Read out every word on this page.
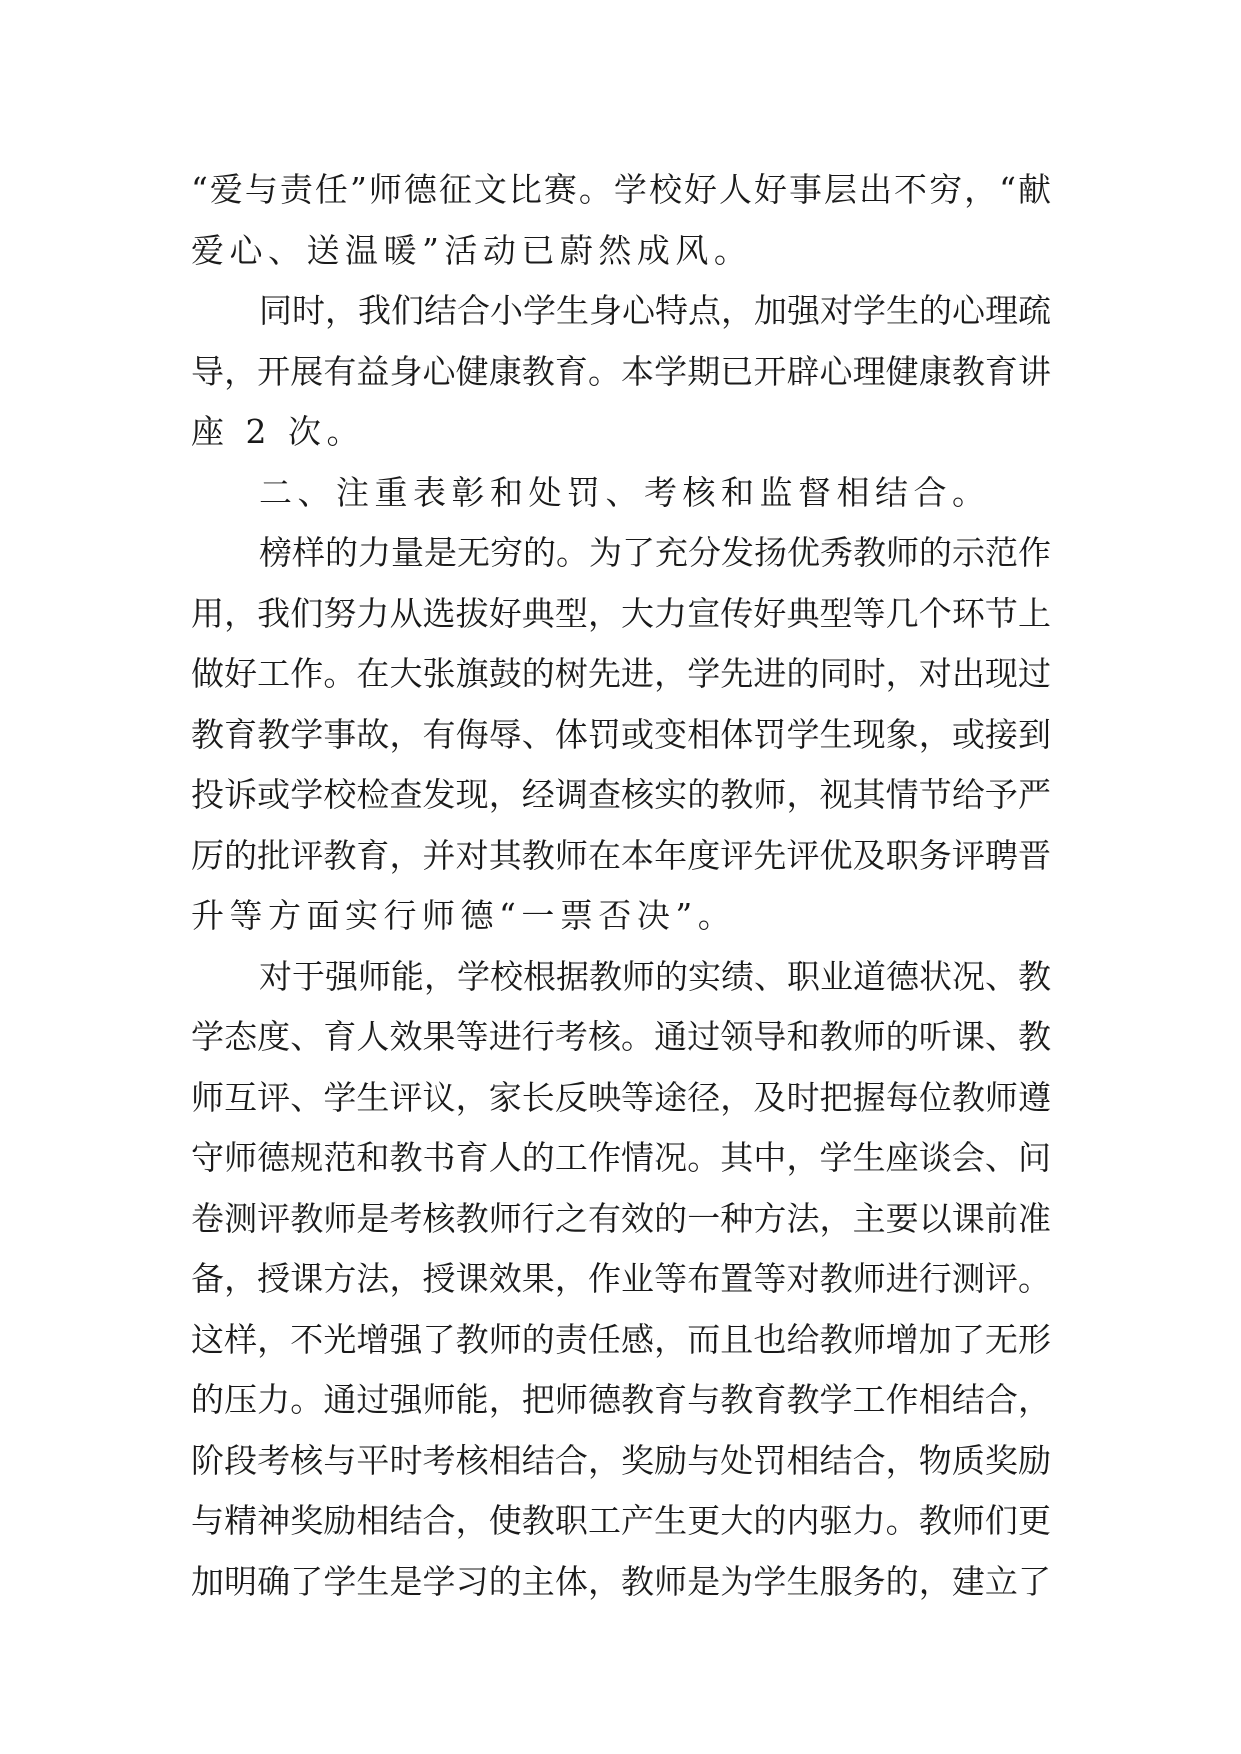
“爱与责任”师德征文比赛。学校好人好事层出不穷，“献
爱心、送温暖”活动已蔚然成风。
同时，我们结合小学生身心特点，加强对学生的心理疏
导，开展有益身心健康教育。本学期已开辟心理健康教育讲
座 2 次。
二、注重表彰和处罚、考核和监督相结合。
榜样的力量是无穷的。为了充分发扬优秀教师的示范作
用，我们努力从选拔好典型，大力宣传好典型等几个环节上
做好工作。在大张旗鼓的树先进，学先进的同时，对出现过
教育教学事故，有侮辱、体罚或变相体罚学生现象，或接到
投诉或学校检查发现，经调查核实的教师，视其情节给予严
厉的批评教育，并对其教师在本年度评先评优及职务评聘晋
升等方面实行师德“一票否决”。
对于强师能，学校根据教师的实绩、职业道德状况、教
学态度、育人效果等进行考核。通过领导和教师的听课、教
师互评、学生评议，家长反映等途径，及时把握每位教师遵
守师德规范和教书育人的工作情况。其中，学生座谈会、问
卷测评教师是考核教师行之有效的一种方法，主要以课前准
备，授课方法，授课效果，作业等布置等对教师进行测评。
这样，不光增强了教师的责任感，而且也给教师增加了无形
的压力。通过强师能，把师德教育与教育教学工作相结合，
阶段考核与平时考核相结合，奖励与处罚相结合，物质奖励
与精神奖励相结合，使教职工产生更大的内驱力。教师们更
加明确了学生是学习的主体，教师是为学生服务的，建立了
